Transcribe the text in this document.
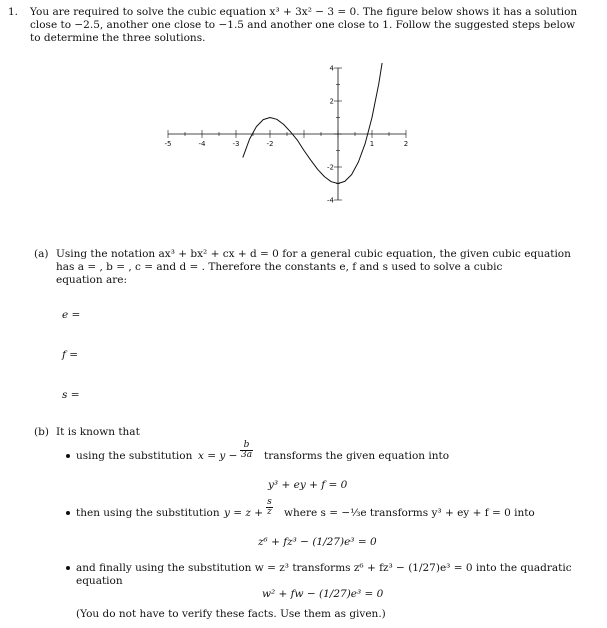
1. You are required to solve the cubic equation x³ + 3x² − 3 = 0. The figure below shows it has a solution
close to −2.5, another one close to −1.5 and another one close to 1. Follow the suggested steps below
to determine the three solutions.
-5	-4	-3	-2	1	2
4
2
-2
-4
(a) Using the notation ax³ + bx² + cx + d = 0 for a general cubic equation, the given cubic equation
has a = , b = , c = and d = . Therefore the constants e, f and s used to solve a cubic
equation are:
e =
f =
s =
(b) It is known that
using the substitution $x = y - \frac{b}{3a}$ transforms the given equation into
y³ + ey + f = 0
then using the substitution $y = z + \frac{s}{z}$ where s = −⅓e transforms y³ + ey + f = 0 into
z⁶ + fz³ − (1/27)e³ = 0
and finally using the substitution w = z³ transforms z⁶ + fz³ − (1/27)e³ = 0 into the quadratic
equation
w² + fw − (1/27)e³ = 0
(You do not have to verify these facts. Use them as given.)
